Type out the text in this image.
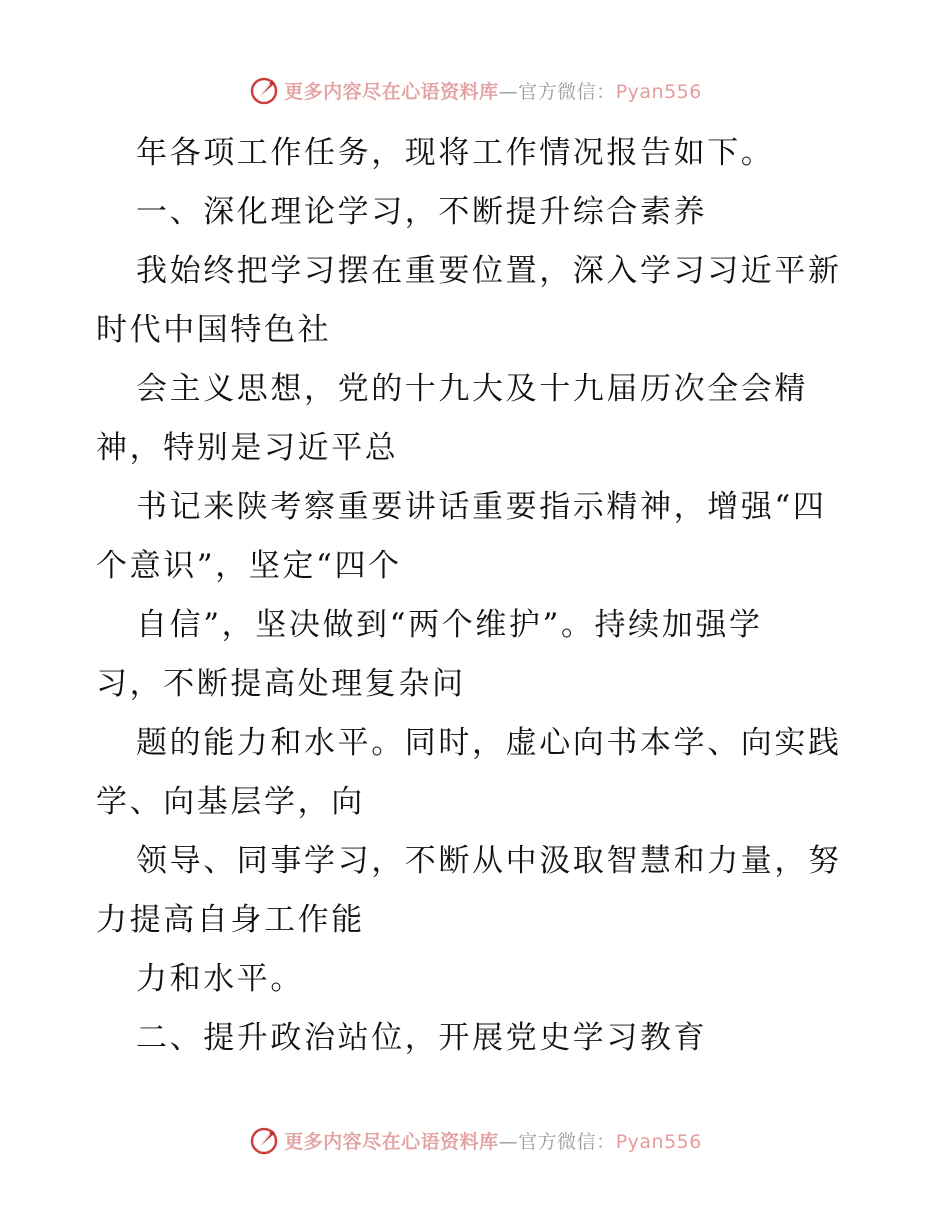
更多内容尽在心语资料库—官方微信：Pyan556
年各项工作任务，现将工作情况报告如下。
一、深化理论学习，不断提升综合素养
我始终把学习摆在重要位置，深入学习习近平新
时代中国特色社
会主义思想，党的十九大及十九届历次全会精
神，特别是习近平总
书记来陕考察重要讲话重要指示精神，增强“四
个意识”，坚定“四个
自信”，坚决做到“两个维护”。持续加强学
习，不断提高处理复杂问
题的能力和水平。同时，虚心向书本学、向实践
学、向基层学，向
领导、同事学习，不断从中汲取智慧和力量，努
力提高自身工作能
力和水平。
二、提升政治站位，开展党史学习教育
更多内容尽在心语资料库—官方微信：Pyan556
